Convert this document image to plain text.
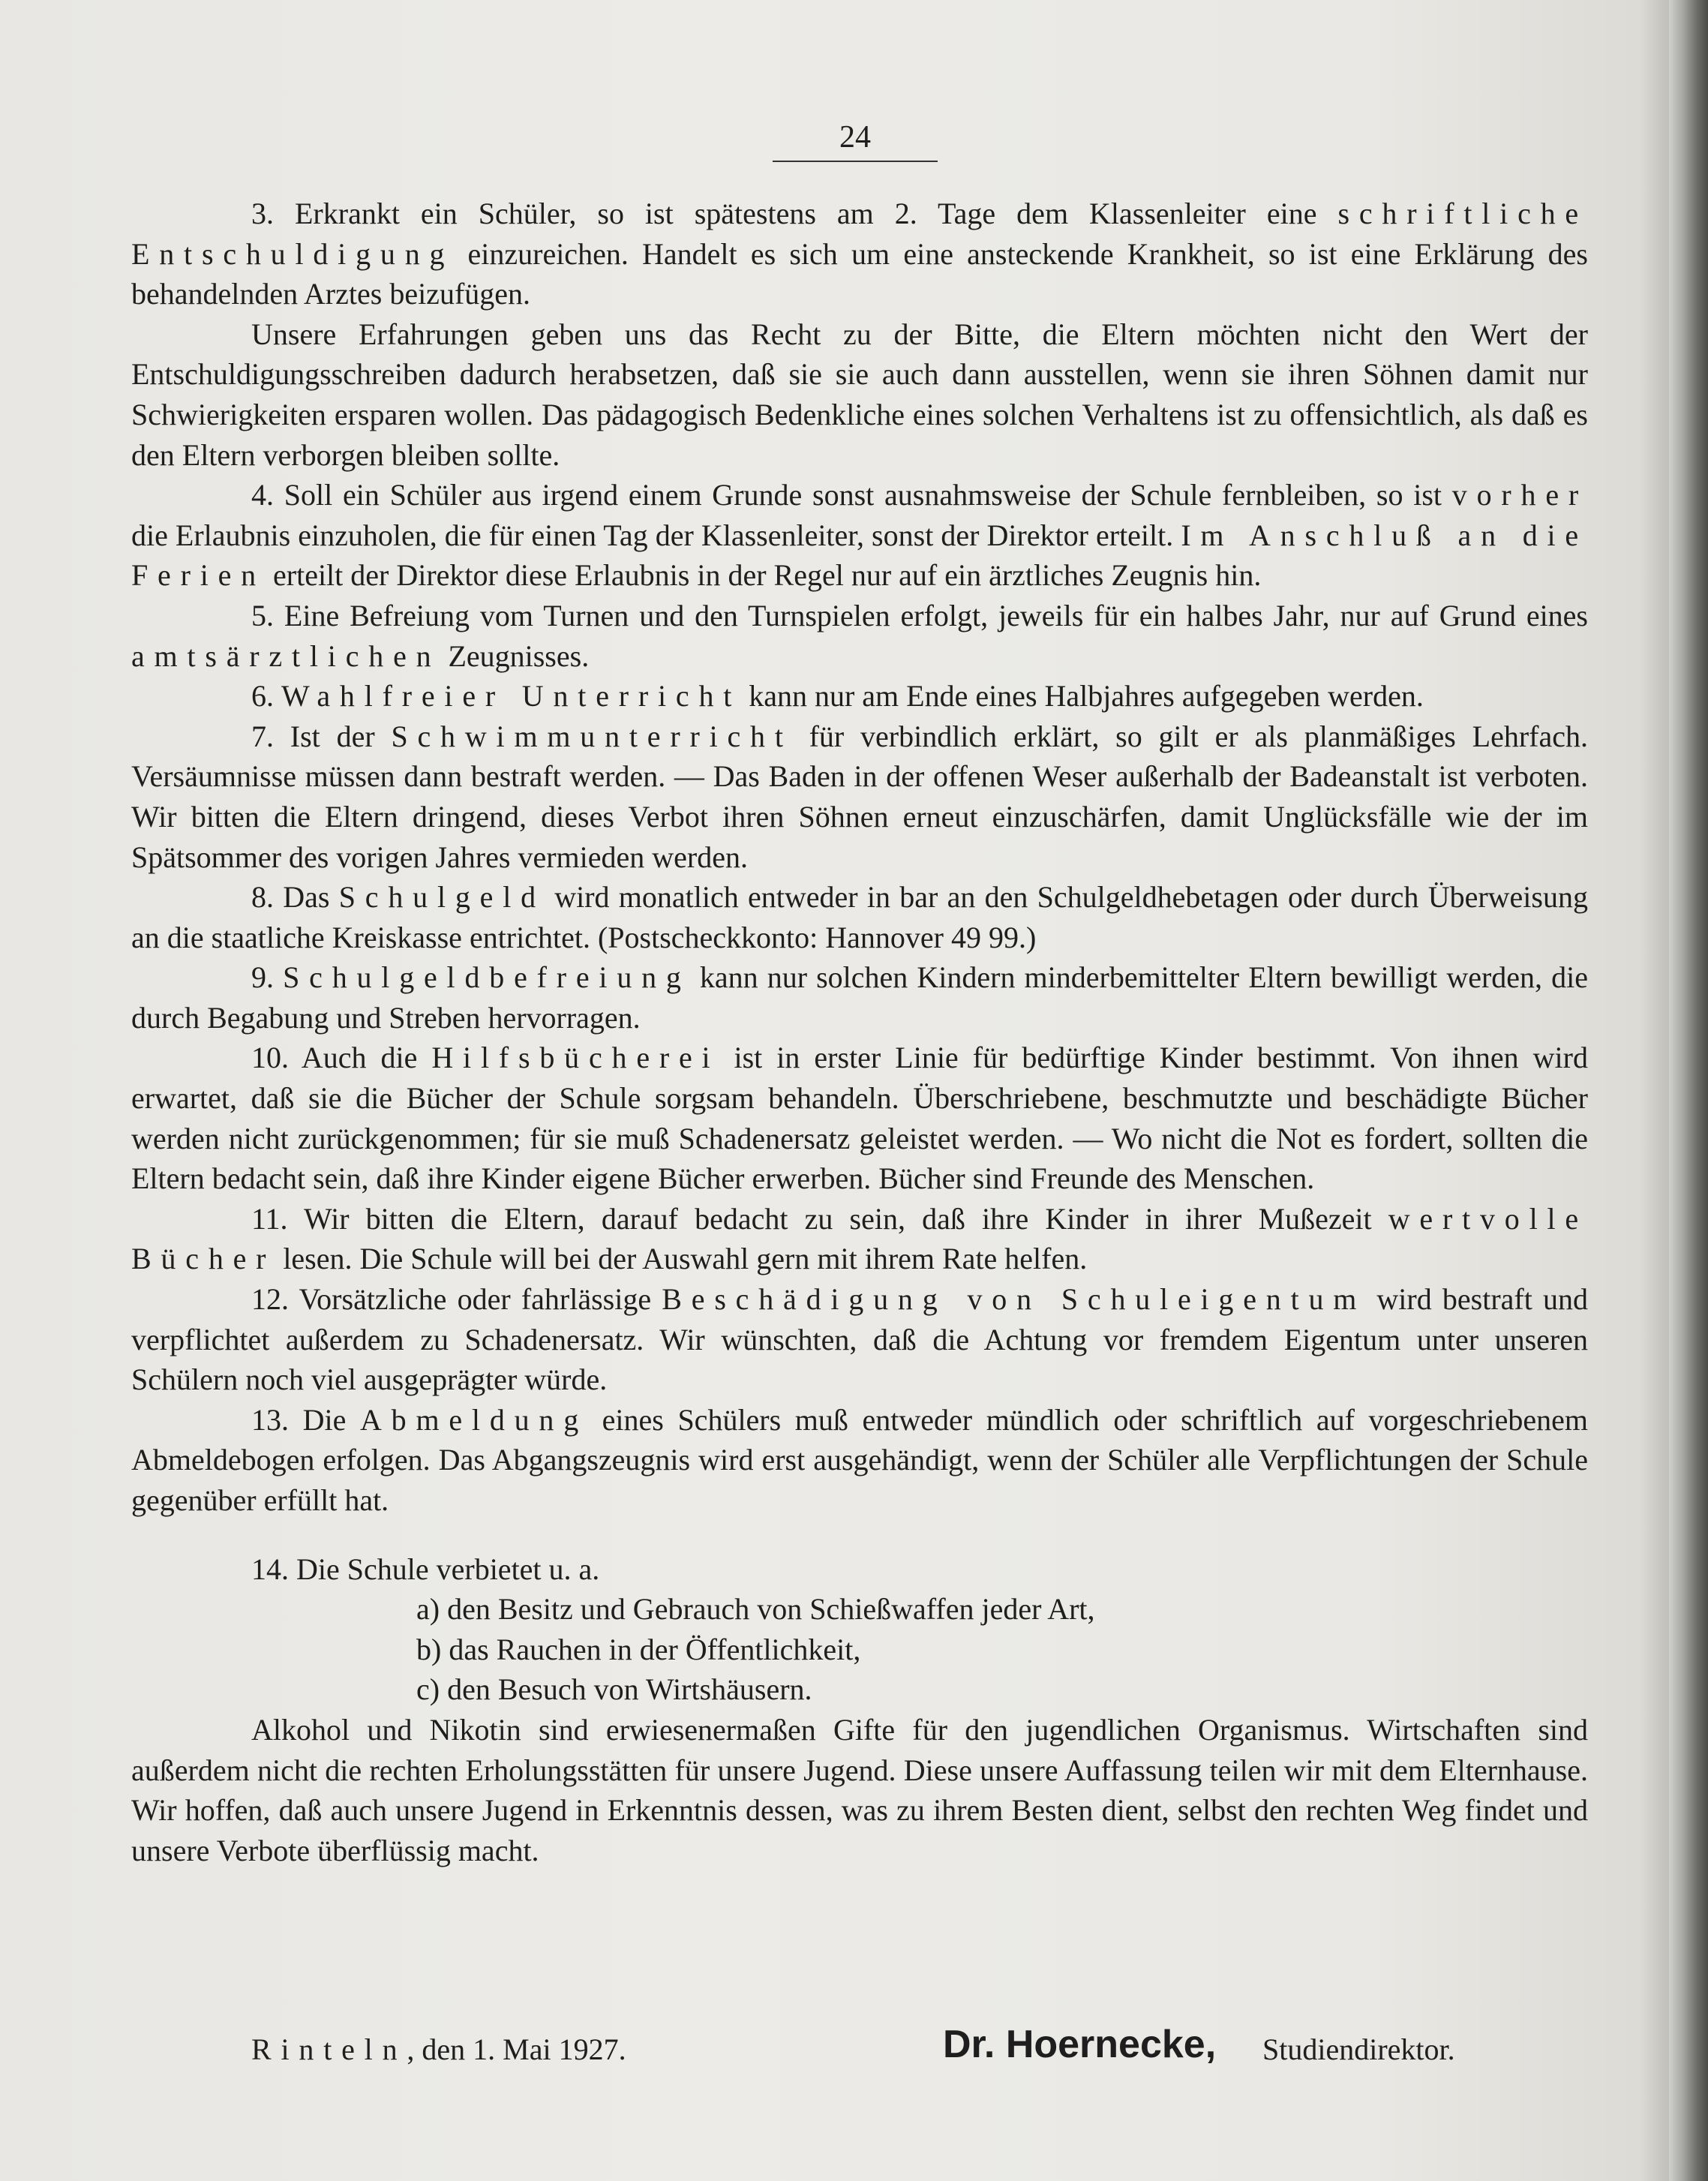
24

3. Erkrankt ein Schüler, so ist spätestens am 2. Tage dem Klassenleiter eine schriftliche Entschuldigung einzureichen. Handelt es sich um eine ansteckende Krankheit, so ist eine Erklärung des behandelnden Arztes beizufügen.

Unsere Erfahrungen geben uns das Recht zu der Bitte, die Eltern möchten nicht den Wert der Entschuldigungsschreiben dadurch herabsetzen, daß sie sie auch dann ausstellen, wenn sie ihren Söhnen damit nur Schwierigkeiten ersparen wollen. Das pädagogisch Bedenkliche eines solchen Verhaltens ist zu offensichtlich, als daß es den Eltern verborgen bleiben sollte.

4. Soll ein Schüler aus irgend einem Grunde sonst ausnahmsweise der Schule fernbleiben, so ist vorher die Erlaubnis einzuholen, die für einen Tag der Klassenleiter, sonst der Direktor erteilt. Im Anschluß an die Ferien erteilt der Direktor diese Erlaubnis in der Regel nur auf ein ärztliches Zeugnis hin.

5. Eine Befreiung vom Turnen und den Turnspielen erfolgt, jeweils für ein halbes Jahr, nur auf Grund eines amtsärztlichen Zeugnisses.

6. Wahlfreier Unterricht kann nur am Ende eines Halbjahres aufgegeben werden.

7. Ist der Schwimmunterricht für verbindlich erklärt, so gilt er als planmäßiges Lehrfach. Versäumnisse müssen dann bestraft werden. — Das Baden in der offenen Weser außerhalb der Badeanstalt ist verboten. Wir bitten die Eltern dringend, dieses Verbot ihren Söhnen erneut einzuschärfen, damit Unglücksfälle wie der im Spätsommer des vorigen Jahres vermieden werden.

8. Das Schulgeld wird monatlich entweder in bar an den Schulgeldhebetagen oder durch Überweisung an die staatliche Kreiskasse entrichtet. (Postscheckkonto: Hannover 49 99.)

9. Schulgeldbefreiung kann nur solchen Kindern minderbemittelter Eltern bewilligt werden, die durch Begabung und Streben hervorragen.

10. Auch die Hilfsbücherei ist in erster Linie für bedürftige Kinder bestimmt. Von ihnen wird erwartet, daß sie die Bücher der Schule sorgsam behandeln. Überschriebene, beschmutzte und beschädigte Bücher werden nicht zurückgenommen; für sie muß Schadenersatz geleistet werden. — Wo nicht die Not es fordert, sollten die Eltern bedacht sein, daß ihre Kinder eigene Bücher erwerben. Bücher sind Freunde des Menschen.

11. Wir bitten die Eltern, darauf bedacht zu sein, daß ihre Kinder in ihrer Mußezeit wertvolle Bücher lesen. Die Schule will bei der Auswahl gern mit ihrem Rate helfen.

12. Vorsätzliche oder fahrlässige Beschädigung von Schuleigentum wird bestraft und verpflichtet außerdem zu Schadenersatz. Wir wünschten, daß die Achtung vor fremdem Eigentum unter unseren Schülern noch viel ausgeprägter würde.

13. Die Abmeldung eines Schülers muß entweder mündlich oder schriftlich auf vorgeschriebenem Abmeldebogen erfolgen. Das Abgangszeugnis wird erst ausgehändigt, wenn der Schüler alle Verpflichtungen der Schule gegenüber erfüllt hat.

14. Die Schule verbietet u. a.

a) den Besitz und Gebrauch von Schießwaffen jeder Art,
b) das Rauchen in der Öffentlichkeit,
c) den Besuch von Wirtshäusern.

Alkohol und Nikotin sind erwiesenermaßen Gifte für den jugendlichen Organismus. Wirtschaften sind außerdem nicht die rechten Erholungsstätten für unsere Jugend. Diese unsere Auffassung teilen wir mit dem Elternhause. Wir hoffen, daß auch unsere Jugend in Erkenntnis dessen, was zu ihrem Besten dient, selbst den rechten Weg findet und unsere Verbote überflüssig macht.

Rinteln, den 1. Mai 1927.	Dr. Hoernecke, Studiendirektor.
